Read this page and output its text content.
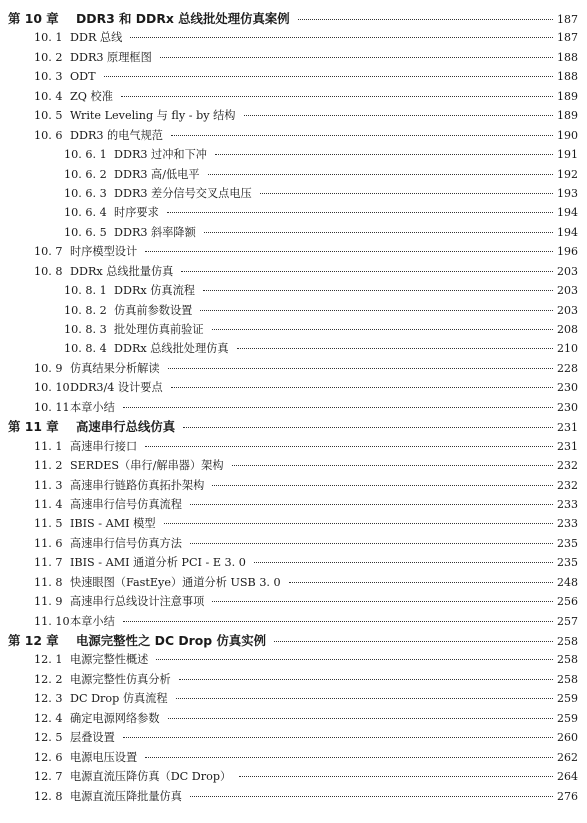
第 10 章	DDR3 和 DDRx 总线批处理仿真案例	187
10. 1 DDR 总线	187
10. 2 DDR3 原理框图	188
10. 3 ODT	188
10. 4 ZQ 校准	189
10. 5 Write Leveling 与 fly - by 结构	189
10. 6 DDR3 的电气规范	190
10. 6. 1 DDR3 过冲和下冲	191
10. 6. 2 DDR3 高/低电平	192
10. 6. 3 DDR3 差分信号交叉点电压	193
10. 6. 4 时序要求	194
10. 6. 5 DDR3 斜率降额	194
10. 7 时序模型设计	196
10. 8 DDRx 总线批量仿真	203
10. 8. 1 DDRx 仿真流程	203
10. 8. 2 仿真前参数设置	203
10. 8. 3 批处理仿真前验证	208
10. 8. 4 DDRx 总线批处理仿真	210
10. 9 仿真结果分析解读	228
10. 10 DDR3/4 设计要点	230
10. 11 本章小结	230
第 11 章	高速串行总线仿真	231
11. 1 高速串行接口	231
11. 2 SERDES（串行/解串器）架构	232
11. 3 高速串行链路仿真拓扑架构	232
11. 4 高速串行信号仿真流程	233
11. 5 IBIS - AMI 模型	233
11. 6 高速串行信号仿真方法	235
11. 7 IBIS - AMI 通道分析 PCI - E 3. 0	235
11. 8 快速眼图（FastEye）通道分析 USB 3. 0	248
11. 9 高速串行总线设计注意事项	256
11. 10 本章小结	257
第 12 章	电源完整性之 DC Drop 仿真实例	258
12. 1 电源完整性概述	258
12. 2 电源完整性仿真分析	258
12. 3 DC Drop 仿真流程	259
12. 4 确定电源网络参数	259
12. 5 层叠设置	260
12. 6 电源电压设置	262
12. 7 电源直流压降仿真（DC Drop）	264
12. 8 电源直流压降批量仿真	276
